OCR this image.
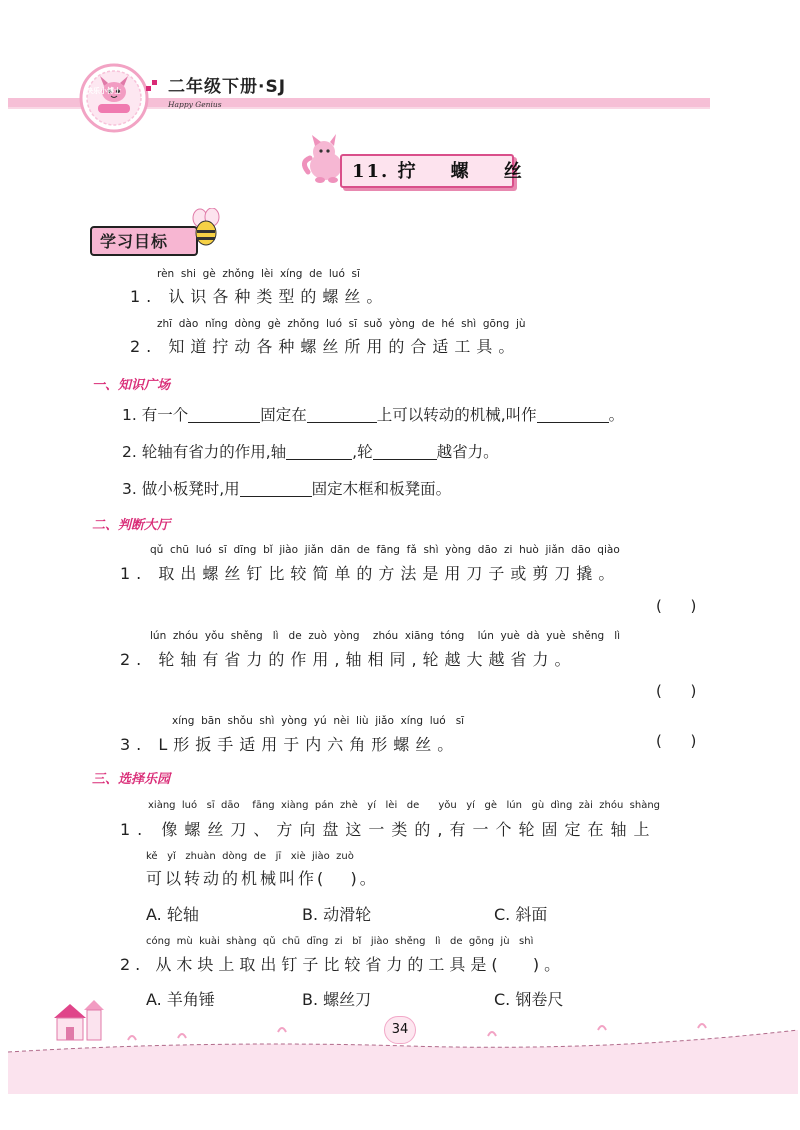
快乐小博士	二年级下册·SJ
Happy Genius
11. 拧    螺    丝
学习目标
rèn  shi  gè  zhǒng  lèi  xíng  de  luó  sī
1. 认识各种类型的螺丝。
zhī  dào  nǐng  dòng  gè  zhǒng  luó  sī  suǒ  yòng  de  hé  shì  gōng  jù
2. 知道拧动各种螺丝所用的合适工具。
一、知识广场
1. 有一个	固定在	上可以转动的机械,叫作	。
2. 轮轴有省力的作用,轴	,轮	越省力。
3. 做小板凳时,用	固定木框和板凳面。
二、判断大厅
qǔ  chū  luó  sī  dīng  bǐ  jiào  jiǎn  dān  de  fāng  fǎ  shì  yòng  dāo  zi  huò  jiǎn  dāo  qiào
1. 取出螺丝钉比较简单的方法是用刀子或剪刀撬。
(      )
lún  zhóu  yǒu  shěng   lì   de  zuò  yòng    zhóu  xiāng  tóng    lún  yuè  dà  yuè  shěng   lì
2. 轮轴有省力的作用,轴相同,轮越大越省力。
(      )
xíng  bān  shǒu  shì  yòng  yú  nèi  liù  jiǎo  xíng  luó   sī
3. L形扳手适用于内六角形螺丝。	(      )
三、选择乐园
xiàng  luó   sī  dāo    fāng  xiàng  pán  zhè   yí   lèi   de      yǒu   yí   gè   lún   gù  dìng  zài  zhóu  shàng
1. 像螺丝刀、方向盘这一类的,有一个轮固定在轴上
kě   yǐ   zhuàn  dòng  de   jī   xiè  jiào  zuò
可以转动的机械叫作(   )。
A. 轮轴	B. 动滑轮	C. 斜面
cóng  mù  kuài  shàng  qǔ  chū  dīng  zi   bǐ   jiào  shěng   lì   de  gōng  jù   shì
2. 从木块上取出钉子比较省力的工具是(   )。
A. 羊角锤	B. 螺丝刀	C. 钢卷尺
34
